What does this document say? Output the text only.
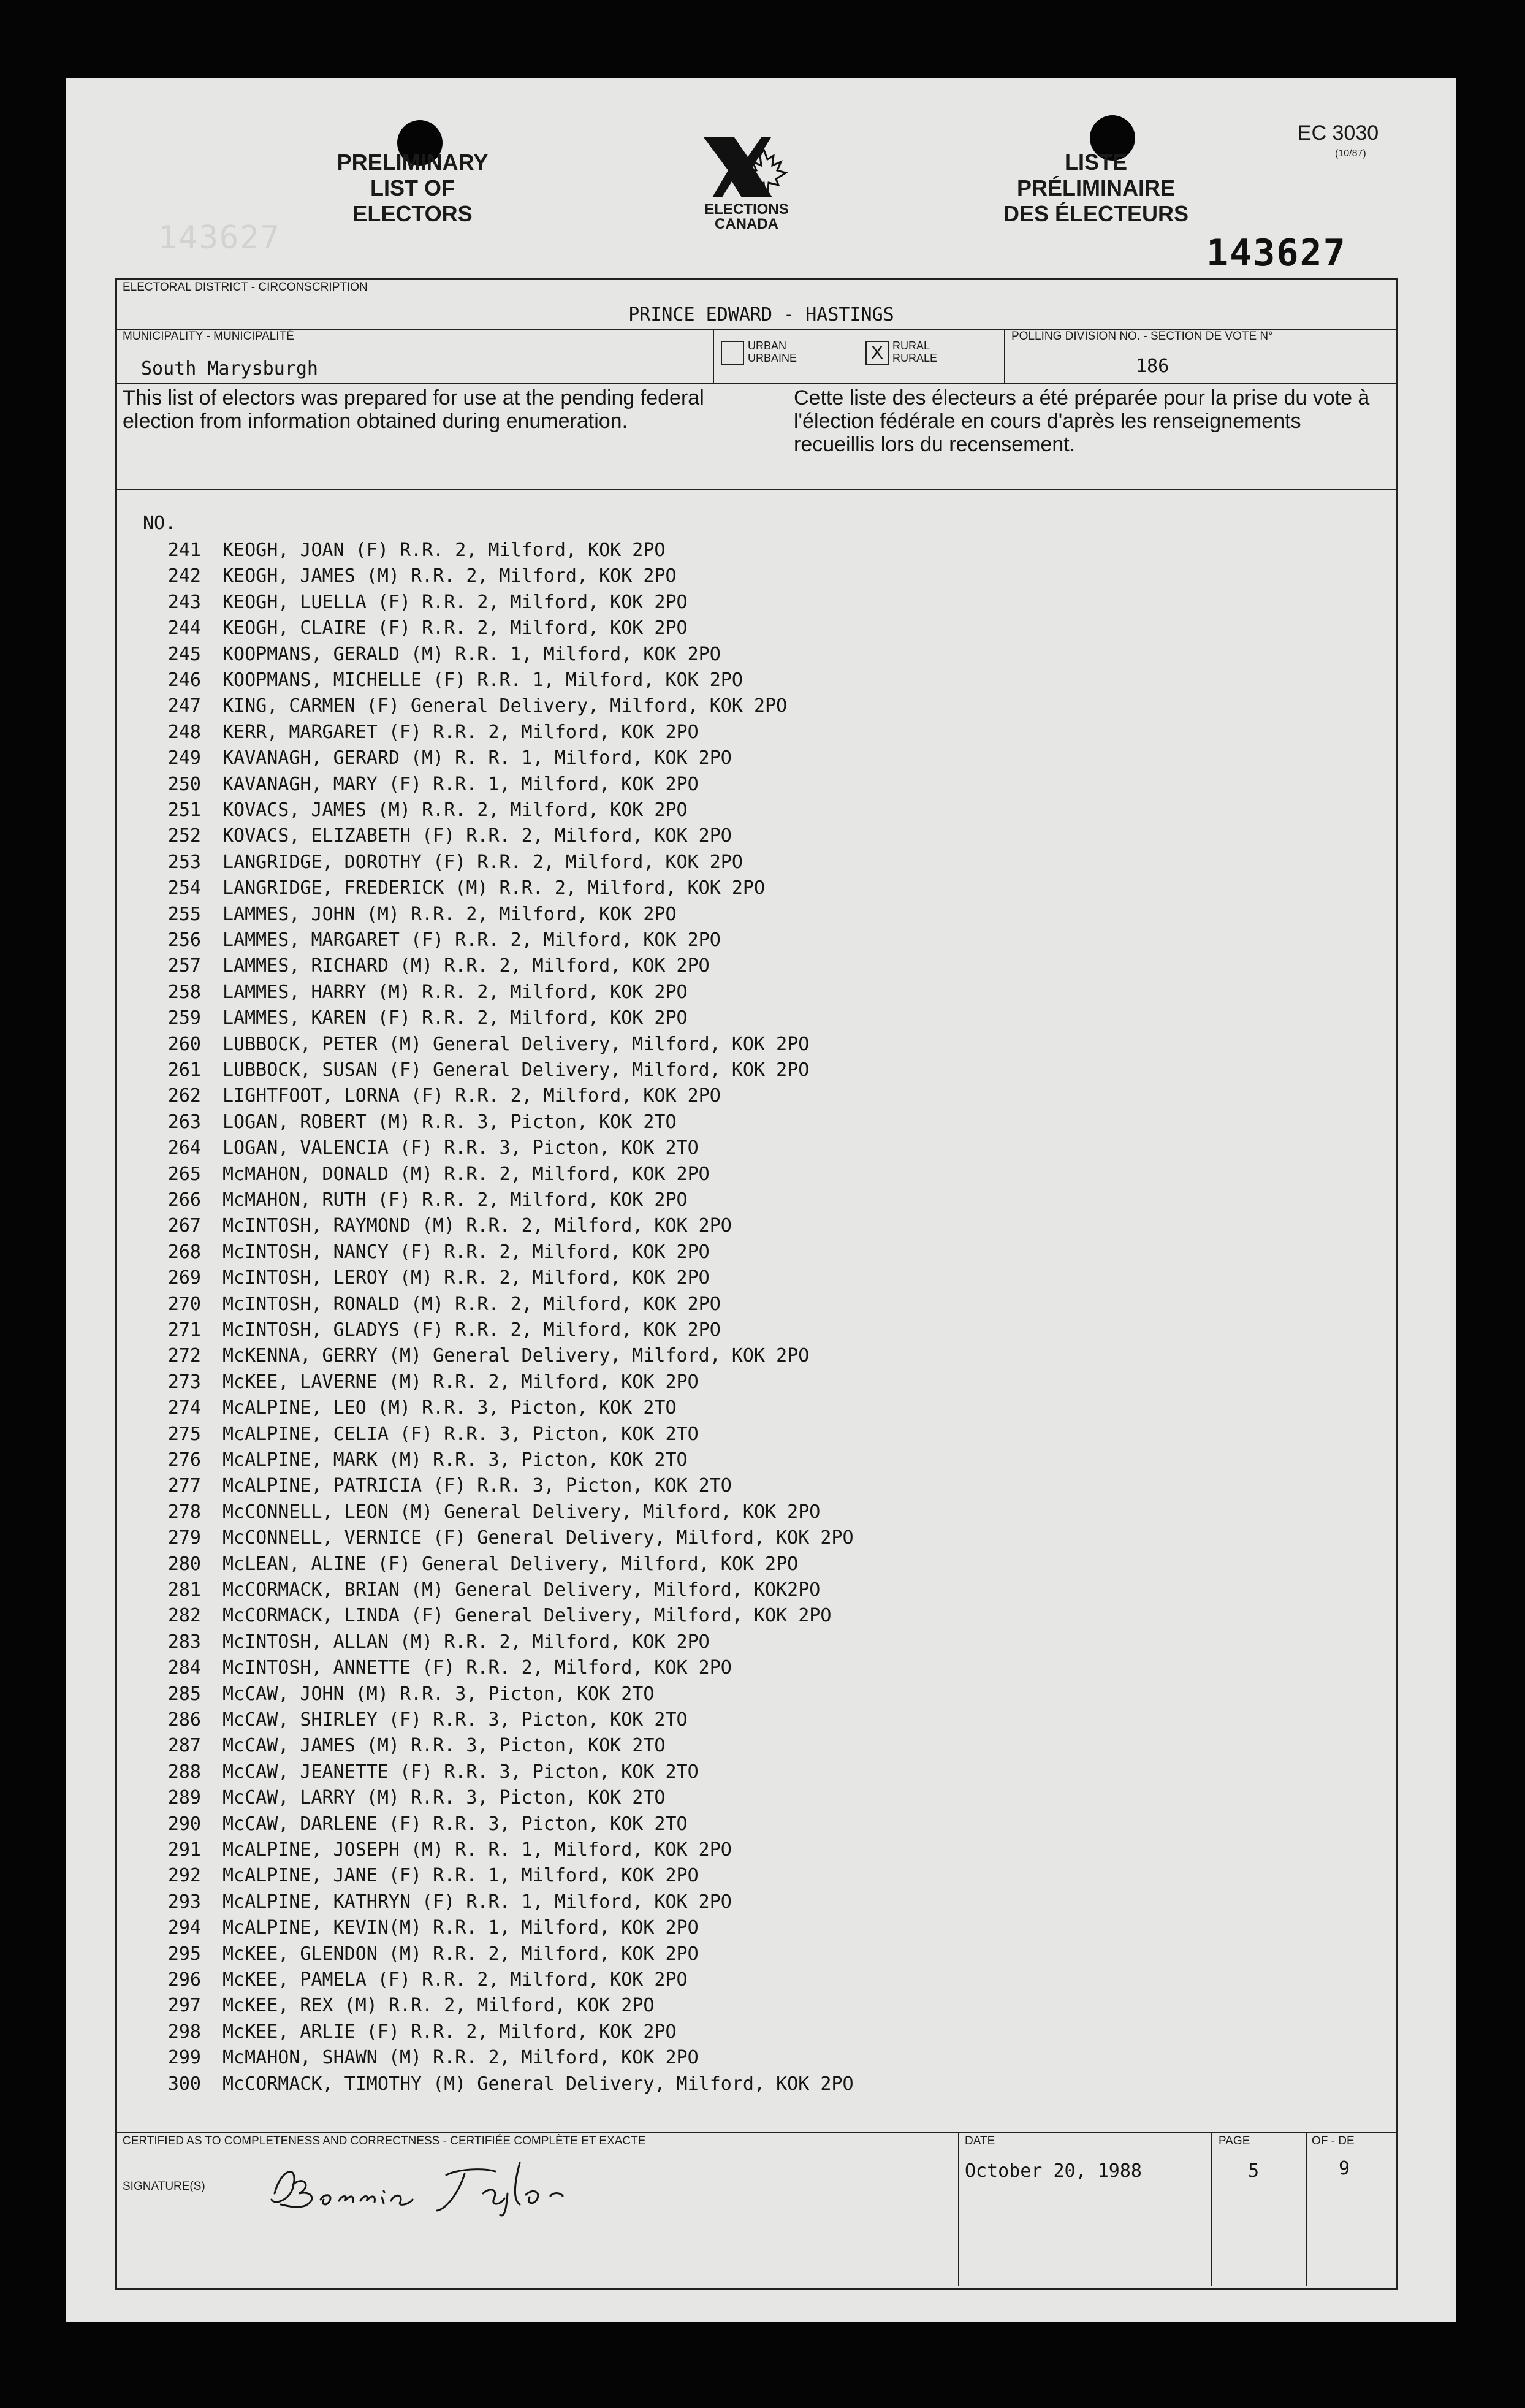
PRELIMINARY
LIST OF
ELECTORS	ELECTIONS
CANADA
LISTE
PRÉLIMINAIRE
DES ÉLECTEURS
EC 3030
(10/87)
143627	143627
ELECTORAL DISTRICT - CIRCONSCRIPTION
PRINCE EDWARD - HASTINGS
MUNICIPALITY - MUNICIPALITÉ
South Marysburgh
URBAN
URBAINE	X RURAL
RURALE
POLLING DIVISION NO. - SECTION DE VOTE N°
186
This list of electors was prepared for use at the pending federal election from information obtained during enumeration.
Cette liste des électeurs a été préparée pour la prise du vote à l'élection fédérale en cours d'après les renseignements recueillis lors du recensement.
NO.
241 KEOGH, JOAN (F) R.R. 2, Milford, KOK 2PO
242 KEOGH, JAMES (M) R.R. 2, Milford, KOK 2PO
243 KEOGH, LUELLA (F) R.R. 2, Milford, KOK 2PO
244 KEOGH, CLAIRE (F) R.R. 2, Milford, KOK 2PO
245 KOOPMANS, GERALD (M) R.R. 1, Milford, KOK 2PO
246 KOOPMANS, MICHELLE (F) R.R. 1, Milford, KOK 2PO
247 KING, CARMEN (F) General Delivery, Milford, KOK 2PO
248 KERR, MARGARET (F) R.R. 2, Milford, KOK 2PO
249 KAVANAGH, GERARD (M) R. R. 1, Milford, KOK 2PO
250 KAVANAGH, MARY (F) R.R. 1, Milford, KOK 2PO
251 KOVACS, JAMES (M) R.R. 2, Milford, KOK 2PO
252 KOVACS, ELIZABETH (F) R.R. 2, Milford, KOK 2PO
253 LANGRIDGE, DOROTHY (F) R.R. 2, Milford, KOK 2PO
254 LANGRIDGE, FREDERICK (M) R.R. 2, Milford, KOK 2PO
255 LAMMES, JOHN (M) R.R. 2, Milford, KOK 2PO
256 LAMMES, MARGARET (F) R.R. 2, Milford, KOK 2PO
257 LAMMES, RICHARD (M) R.R. 2, Milford, KOK 2PO
258 LAMMES, HARRY (M) R.R. 2, Milford, KOK 2PO
259 LAMMES, KAREN (F) R.R. 2, Milford, KOK 2PO
260 LUBBOCK, PETER (M) General Delivery, Milford, KOK 2PO
261 LUBBOCK, SUSAN (F) General Delivery, Milford, KOK 2PO
262 LIGHTFOOT, LORNA (F) R.R. 2, Milford, KOK 2PO
263 LOGAN, ROBERT (M) R.R. 3, Picton, KOK 2TO
264 LOGAN, VALENCIA (F) R.R. 3, Picton, KOK 2TO
265 McMAHON, DONALD (M) R.R. 2, Milford, KOK 2PO
266 McMAHON, RUTH (F) R.R. 2, Milford, KOK 2PO
267 McINTOSH, RAYMOND (M) R.R. 2, Milford, KOK 2PO
268 McINTOSH, NANCY (F) R.R. 2, Milford, KOK 2PO
269 McINTOSH, LEROY (M) R.R. 2, Milford, KOK 2PO
270 McINTOSH, RONALD (M) R.R. 2, Milford, KOK 2PO
271 McINTOSH, GLADYS (F) R.R. 2, Milford, KOK 2PO
272 McKENNA, GERRY (M) General Delivery, Milford, KOK 2PO
273 McKEE, LAVERNE (M) R.R. 2, Milford, KOK 2PO
274 McALPINE, LEO (M) R.R. 3, Picton, KOK 2TO
275 McALPINE, CELIA (F) R.R. 3, Picton, KOK 2TO
276 McALPINE, MARK (M) R.R. 3, Picton, KOK 2TO
277 McALPINE, PATRICIA (F) R.R. 3, Picton, KOK 2TO
278 McCONNELL, LEON (M) General Delivery, Milford, KOK 2PO
279 McCONNELL, VERNICE (F) General Delivery, Milford, KOK 2PO
280 McLEAN, ALINE (F) General Delivery, Milford, KOK 2PO
281 McCORMACK, BRIAN (M) General Delivery, Milford, KOK2PO
282 McCORMACK, LINDA (F) General Delivery, Milford, KOK 2PO
283 McINTOSH, ALLAN (M) R.R. 2, Milford, KOK 2PO
284 McINTOSH, ANNETTE (F) R.R. 2, Milford, KOK 2PO
285 McCAW, JOHN (M) R.R. 3, Picton, KOK 2TO
286 McCAW, SHIRLEY (F) R.R. 3, Picton, KOK 2TO
287 McCAW, JAMES (M) R.R. 3, Picton, KOK 2TO
288 McCAW, JEANETTE (F) R.R. 3, Picton, KOK 2TO
289 McCAW, LARRY (M) R.R. 3, Picton, KOK 2TO
290 McCAW, DARLENE (F) R.R. 3, Picton, KOK 2TO
291 McALPINE, JOSEPH (M) R. R. 1, Milford, KOK 2PO
292 McALPINE, JANE (F) R.R. 1, Milford, KOK 2PO
293 McALPINE, KATHRYN (F) R.R. 1, Milford, KOK 2PO
294 McALPINE, KEVIN(M) R.R. 1, Milford, KOK 2PO
295 McKEE, GLENDON (M) R.R. 2, Milford, KOK 2PO
296 McKEE, PAMELA (F) R.R. 2, Milford, KOK 2PO
297 McKEE, REX (M) R.R. 2, Milford, KOK 2PO
298 McKEE, ARLIE (F) R.R. 2, Milford, KOK 2PO
299 McMAHON, SHAWN (M) R.R. 2, Milford, KOK 2PO
300 McCORMACK, TIMOTHY (M) General Delivery, Milford, KOK 2PO
CERTIFIED AS TO COMPLETENESS AND CORRECTNESS - CERTIFIÉE COMPLÈTE ET EXACTE
SIGNATURE(S)
DATE
October 20, 1988
PAGE
5
OF - DE
9
